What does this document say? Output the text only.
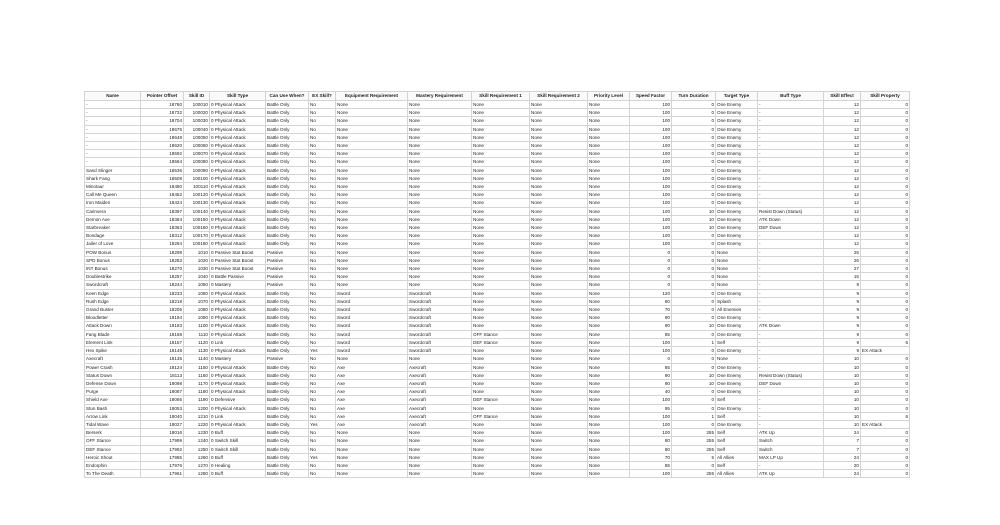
Name	Pointer Offset	Skill ID	Skill Type	Can Use When?	EX Skill?	Equipment Requirement	Mastery Requirement	Skill Requirement 1	Skill Requirement 2	Priority Level	Speed Factor	Turn Duration	Target Type	Buff Type	Skill Effect	Skill Property
-	18760	100010	0 Physical Attack	Battle Only	No	None	None	None	None	None	100	0	One Enemy	-	12	0
-	18732	100020	0 Physical Attack	Battle Only	No	None	None	None	None	None	100	0	One Enemy	-	12	0
-	18704	100030	0 Physical Attack	Battle Only	No	None	None	None	None	None	100	0	One Enemy	-	12	0
-	18676	100040	0 Physical Attack	Battle Only	No	None	None	None	None	None	100	0	One Enemy	-	12	0
-	18648	100050	0 Physical Attack	Battle Only	No	None	None	None	None	None	100	0	One Enemy	-	12	0
-	18620	100060	0 Physical Attack	Battle Only	No	None	None	None	None	None	100	0	One Enemy	-	12	0
-	18592	100070	0 Physical Attack	Battle Only	No	None	None	None	None	None	100	0	One Enemy	-	12	0
-	18564	100080	0 Physical Attack	Battle Only	No	None	None	None	None	None	100	0	One Enemy	-	12	0
Sand Slinger	18536	100090	0 Physical Attack	Battle Only	No	None	None	None	None	None	100	0	One Enemy	-	12	0
Shark Fang	18508	100100	0 Physical Attack	Battle Only	No	None	None	None	None	None	100	0	One Enemy	-	12	0
Minotaur	18480	100110	0 Physical Attack	Battle Only	No	None	None	None	None	None	100	0	One Enemy	-	12	0
Call Me Queen	18452	100120	0 Physical Attack	Battle Only	No	None	None	None	None	None	100	0	One Enemy	-	12	0
Iron Maiden	18424	100130	0 Physical Attack	Battle Only	No	None	None	None	None	None	100	0	One Enemy	-	12	0
Carinvera	18397	100140	0 Physical Attack	Battle Only	No	None	None	None	None	None	100	10	One Enemy	Resist Down (Status)	12	0
Demon Axe	18384	100150	0 Physical Attack	Battle Only	No	None	None	None	None	None	100	10	One Enemy	ATK Down	12	0
Starbreaker	18363	100160	0 Physical Attack	Battle Only	No	None	None	None	None	None	100	10	One Enemy	DEF Down	12	0
Bondage	18312	100170	0 Physical Attack	Battle Only	No	None	None	None	None	None	100	0	One Enemy	-	12	0
Jailer of Love	18284	100180	0 Physical Attack	Battle Only	No	None	None	None	None	None	100	0	One Enemy	-	12	0
POW Bonus	18298	1010	0 Passive Stat Boost	Passive	No	None	None	None	None	None	0	0	None	-	25	0
SPD Bonus	18283	1020	0 Passive Stat Boost	Passive	No	None	None	None	None	None	0	0	None	-	26	0
INT Bonus	18270	1030	0 Passive Stat Boost	Passive	No	None	None	None	None	None	0	0	None	-	27	0
Doublestrike	18257	1040	0 Battle Passive	Passive	No	None	None	None	None	None	0	0	None	-	15	0
Swordcraft	18244	1050	0 Mastery	Passive	No	None	None	None	None	None	0	0	None	-	9	0
Keen Edge	18233	1060	0 Physical Attack	Battle Only	No	Sword	Swordcraft	None	None	None	120	0	One Enemy	-	9	0
Rush Edge	18218	1070	0 Physical Attack	Battle Only	No	Sword	Swordcraft	None	None	None	80	0	Splash	-	9	0
Grand Buster	18205	1080	0 Physical Attack	Battle Only	No	Sword	Swordcraft	None	None	None	70	0	All Enemies	-	9	0
Bloodletter	18194	1090	0 Physical Attack	Battle Only	No	Sword	Swordcraft	None	None	None	90	0	One Enemy	-	9	0
Attack Down	18183	1100	0 Physical Attack	Battle Only	No	Sword	Swordcraft	None	None	None	90	10	One Enemy	ATK Down	9	0
Fang Blade	18168	1110	0 Physical Attack	Battle Only	No	Sword	Swordcraft	OFF Stance	None	None	85	0	One Enemy	-	9	0
Element Link	18157	1120	0 Link	Battle Only	No	Sword	Swordcraft	DEF Stance	None	None	100	1	Self	-	9	6
Hex Spike	18148	1130	0 Physical Attack	Battle Only	Yes	Sword	Swordcraft	None	None	None	100	0	One Enemy	-	9	EX Attack
Axecraft	18135	1140	0 Mastery	Passive	No	None	None	None	None	None	0	0	None	-	10	0
Power Crash	18124	1150	0 Physical Attack	Battle Only	No	Axe	Axecraft	None	None	None	85	0	One Enemy	-	10	0
Status Down	18113	1160	0 Physical Attack	Battle Only	No	Axe	Axecraft	None	None	None	90	10	One Enemy	Resist Down (Status)	10	0
Defense Down	18098	1170	0 Physical Attack	Battle Only	No	Axe	Axecraft	None	None	None	90	10	One Enemy	DEF Down	10	0
Purge	18087	1180	0 Physical Attack	Battle Only	No	Axe	Axecraft	None	None	None	40	0	One Enemy	-	10	0
Shield Axe	18066	1190	0 Defensive	Battle Only	No	Axe	Axecraft	DEF Stance	None	None	100	0	Self	-	10	0
Stun Bash	18053	1200	0 Physical Attack	Battle Only	No	Axe	Axecraft	None	None	None	95	0	One Enemy	-	10	0
Arrow Link	18040	1210	0 Link	Battle Only	No	Axe	Axecraft	OFF Stance	None	None	100	1	Self	-	10	6
Tidal Wave	18027	1220	0 Physical Attack	Battle Only	Yes	Axe	Axecraft	None	None	None	100	0	One Enemy	-	10	EX Attack
Berserk	18016	1230	0 Buff	Battle Only	No	None	None	None	None	None	100	255	Self	ATK Up	24	0
OFF Stance	17999	1240	0 Switch Skill	Battle Only	No	None	None	None	None	None	80	255	Self	Switch	7	0
DEF Stance	17992	1250	0 Switch Skill	Battle Only	No	None	None	None	None	None	80	255	Self	Switch	7	0
Heroic Shout	17985	1260	0 Buff	Battle Only	Yes	None	None	None	None	None	70	5	All Allies	MAX LP Up	24	0
Endorphin	17976	1270	0 Healing	Battle Only	No	None	None	None	None	None	85	0	Self	-	20	0
To The Death	17961	1280	0 Buff	Battle Only	No	None	None	None	None	None	100	255	All Allies	ATK Up	24	0
